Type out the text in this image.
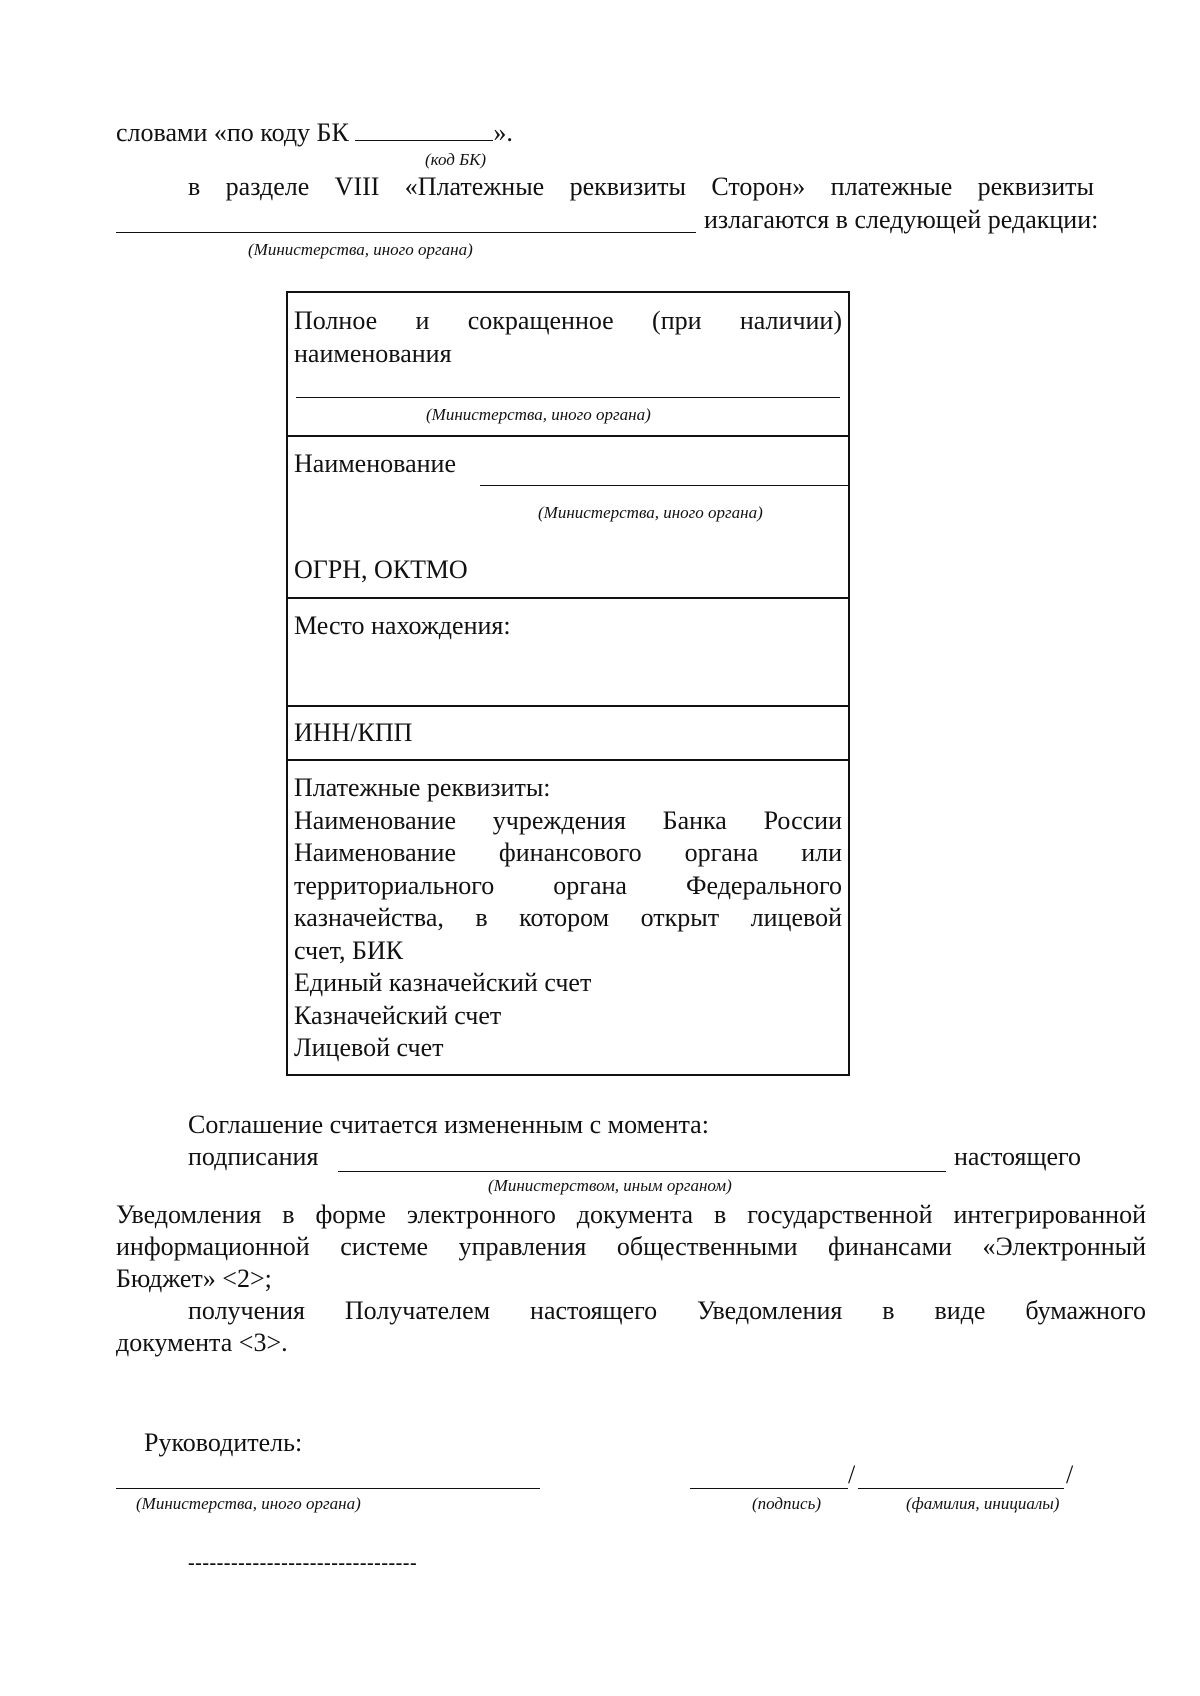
словами «по коду БК	».
(код БК)
в разделе VIII «Платежные реквизиты Сторон» платежные реквизиты
излагаются в следующей редакции:
(Министерства, иного органа)
Полное и сокращенное (при наличии)
наименования
(Министерства, иного органа)
Наименование
(Министерства, иного органа)
ОГРН, ОКТМО
Место нахождения:
ИНН/КПП
Платежные реквизиты:
Наименование учреждения Банка России
Наименование финансового органа или
территориального органа Федерального
казначейства, в котором открыт лицевой
счет, БИК
Единый казначейский счет
Казначейский счет
Лицевой счет
Соглашение считается измененным с момента:
подписания	настоящего
(Министерством, иным органом)
Уведомления в форме электронного документа в государственной интегрированной
информационной системе управления общественными финансами «Электронный
Бюджет» <2>;
получения Получателем настоящего Уведомления в виде бумажного
документа <3>.
Руководитель:
(Министерства, иного органа)
/	/
(подпись)	(фамилия, инициалы)
--------------------------------
